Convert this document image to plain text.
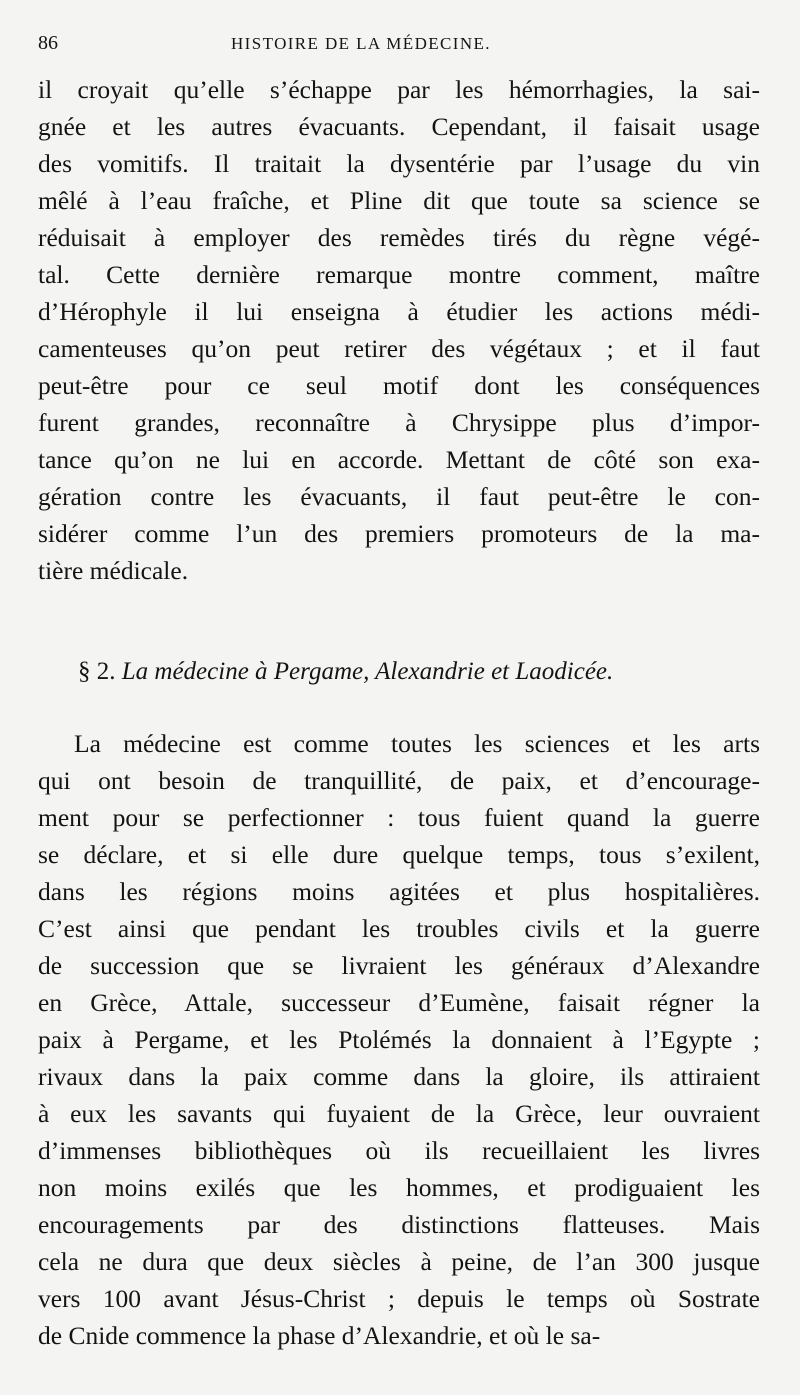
86	HISTOIRE DE LA MÉDECINE.
il croyait qu’elle s’échappe par les hémorrhagies, la sai-
gnée et les autres évacuants. Cependant, il faisait usage
des vomitifs. Il traitait la dysentérie par l’usage du vin
mêlé à l’eau fraîche, et Pline dit que toute sa science se
réduisait à employer des remèdes tirés du règne végé-
tal. Cette dernière remarque montre comment, maître
d’Hérophyle il lui enseigna à étudier les actions médi-
camenteuses qu’on peut retirer des végétaux ; et il faut
peut-être pour ce seul motif dont les conséquences
furent grandes, reconnaître à Chrysippe plus d’impor-
tance qu’on ne lui en accorde. Mettant de côté son exa-
gération contre les évacuants, il faut peut-être le con-
sidérer comme l’un des premiers promoteurs de la ma-
tière médicale.
§ 2. La médecine à Pergame, Alexandrie et Laodicée.
La médecine est comme toutes les sciences et les arts
qui ont besoin de tranquillité, de paix, et d’encourage-
ment pour se perfectionner : tous fuient quand la guerre
se déclare, et si elle dure quelque temps, tous s’exilent,
dans les régions moins agitées et plus hospitalières.
C’est ainsi que pendant les troubles civils et la guerre
de succession que se livraient les généraux d’Alexandre
en Grèce, Attale, successeur d’Eumène, faisait régner la
paix à Pergame, et les Ptolémés la donnaient à l’Egypte ;
rivaux dans la paix comme dans la gloire, ils attiraient
à eux les savants qui fuyaient de la Grèce, leur ouvraient
d’immenses bibliothèques où ils recueillaient les livres
non moins exilés que les hommes, et prodiguaient les
encouragements par des distinctions flatteuses. Mais
cela ne dura que deux siècles à peine, de l’an 300 jusque
vers 100 avant Jésus-Christ ; depuis le temps où Sostrate
de Cnide commence la phase d’Alexandrie, et où le sa-
